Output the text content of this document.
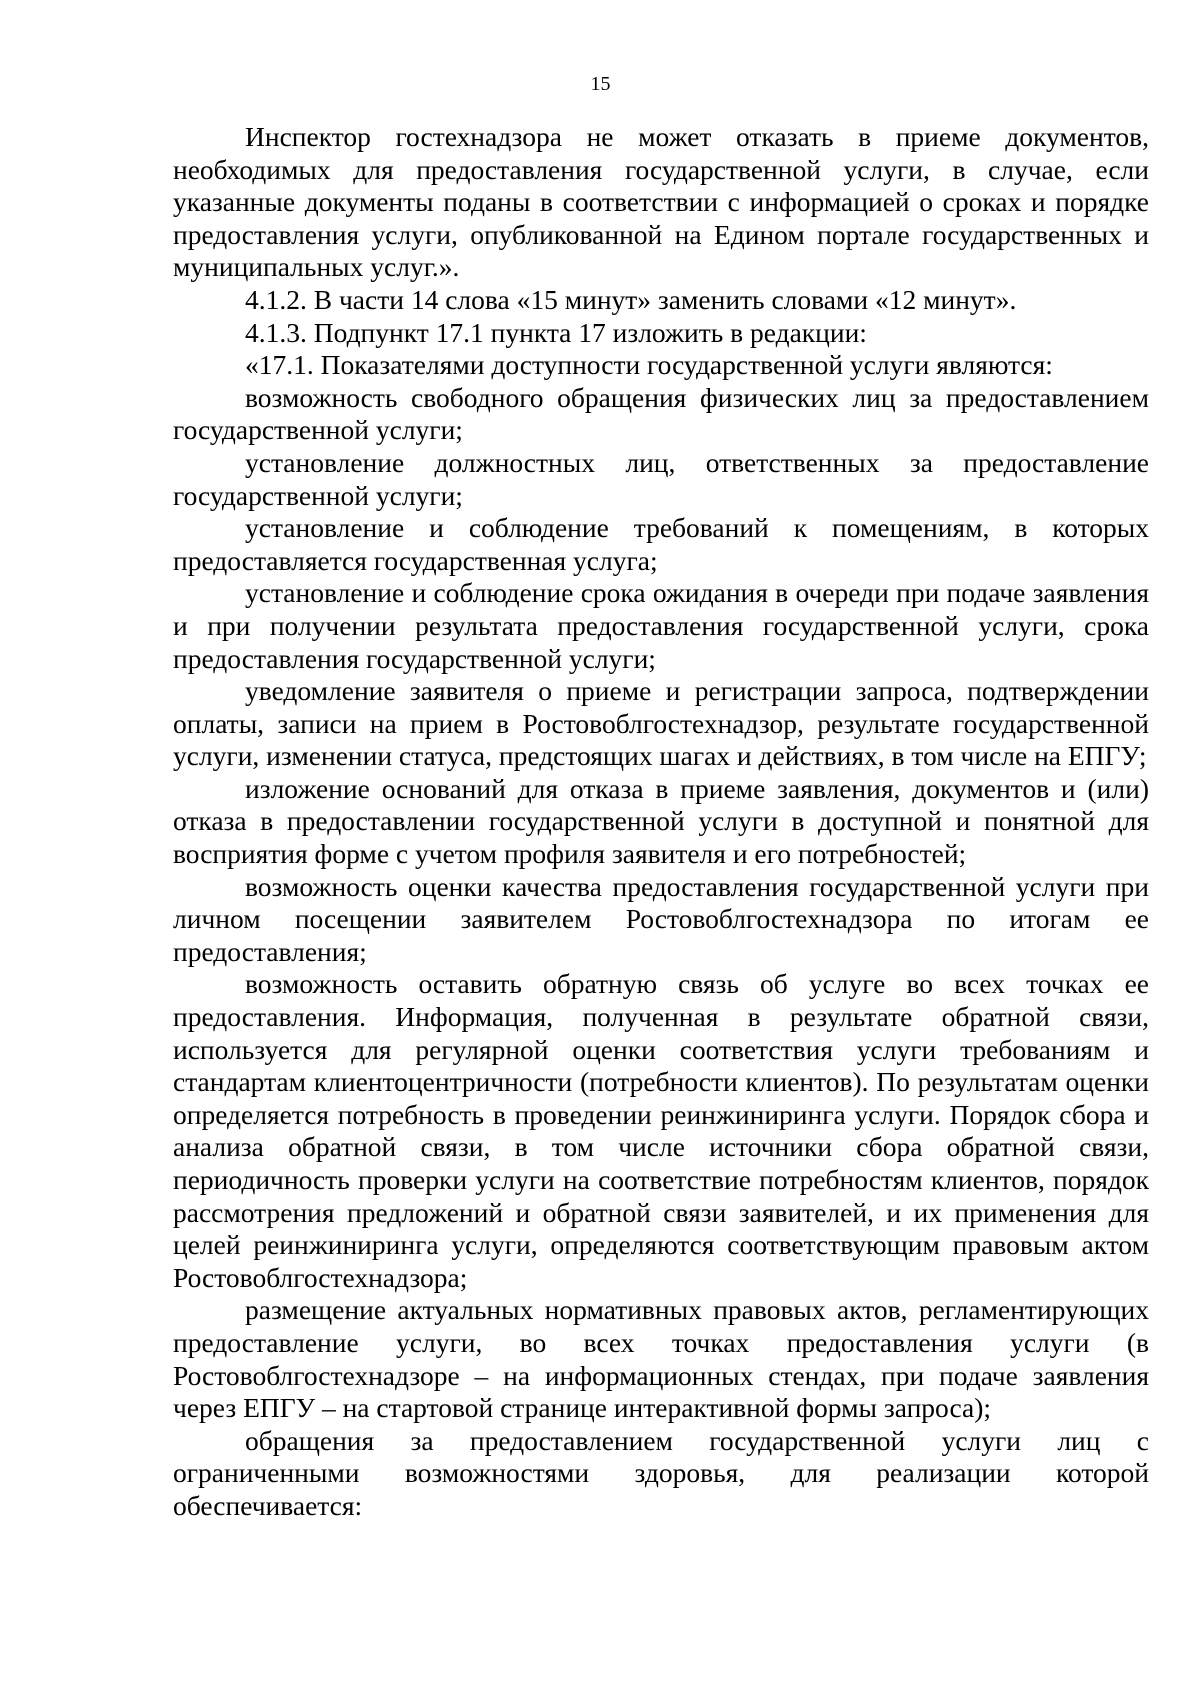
15

Инспектор гостехнадзора не может отказать в приеме документов, необходимых для предоставления государственной услуги, в случае, если указанные документы поданы в соответствии с информацией о сроках и порядке предоставления услуги, опубликованной на Едином портале государственных и муниципальных услуг.».

4.1.2. В части 14 слова «15 минут» заменить словами «12 минут».

4.1.3. Подпункт 17.1 пункта 17 изложить в редакции:

«17.1. Показателями доступности государственной услуги являются:

возможность свободного обращения физических лиц за предоставлением государственной услуги;

установление должностных лиц, ответственных за предоставление государственной услуги;

установление и соблюдение требований к помещениям, в которых предоставляется государственная услуга;

установление и соблюдение срока ожидания в очереди при подаче заявления и при получении результата предоставления государственной услуги, срока предоставления государственной услуги;

уведомление заявителя о приеме и регистрации запроса, подтверждении оплаты, записи на прием в Ростовоблгостехнадзор, результате государственной услуги, изменении статуса, предстоящих шагах и действиях, в том числе на ЕПГУ;

изложение оснований для отказа в приеме заявления, документов и (или) отказа в предоставлении государственной услуги в доступной и понятной для восприятия форме с учетом профиля заявителя и его потребностей;

возможность оценки качества предоставления государственной услуги при личном посещении заявителем Ростовоблгостехнадзора по итогам ее предоставления;

возможность оставить обратную связь об услуге во всех точках ее предоставления. Информация, полученная в результате обратной связи, используется для регулярной оценки соответствия услуги требованиям и стандартам клиентоцентричности (потребности клиентов). По результатам оценки определяется потребность в проведении реинжиниринга услуги. Порядок сбора и анализа обратной связи, в том числе источники сбора обратной связи, периодичность проверки услуги на соответствие потребностям клиентов, порядок рассмотрения предложений и обратной связи заявителей, и их применения для целей реинжиниринга услуги, определяются соответствующим правовым актом Ростовоблгостехнадзора;

размещение актуальных нормативных правовых актов, регламентирующих предоставление услуги, во всех точках предоставления услуги (в Ростовоблгостехнадзоре – на информационных стендах, при подаче заявления через ЕПГУ – на стартовой странице интерактивной формы запроса);

обращения за предоставлением государственной услуги лиц с ограниченными возможностями здоровья, для реализации которой обеспечивается:
